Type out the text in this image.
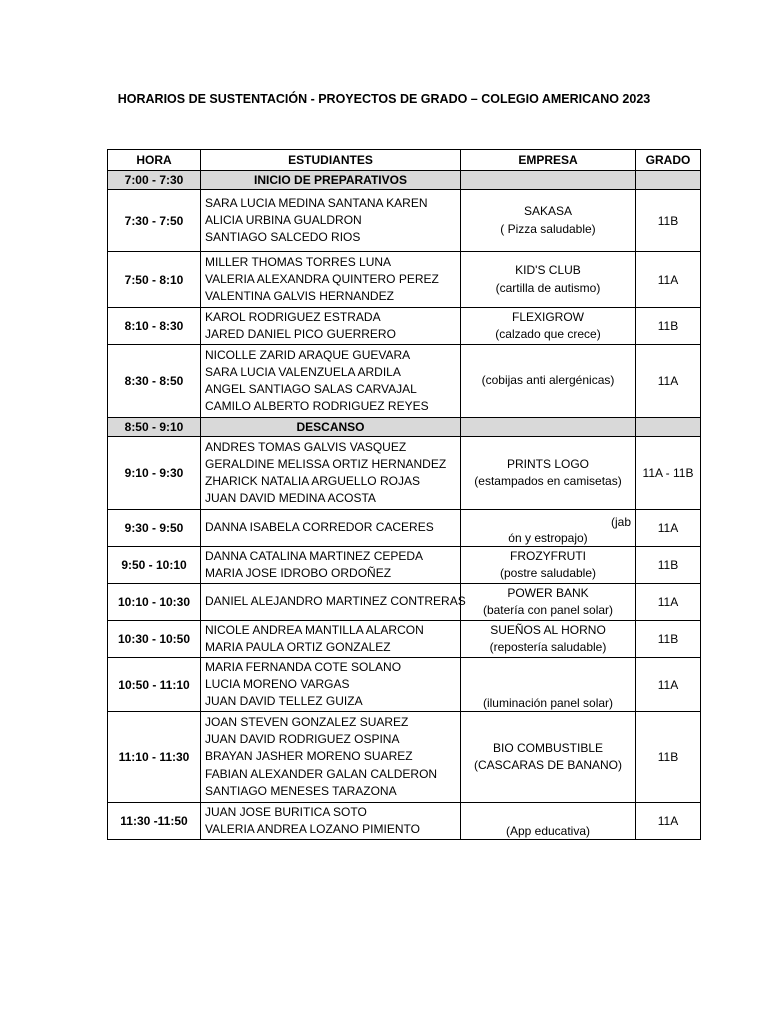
HORARIOS DE SUSTENTACIÓN - PROYECTOS DE GRADO – COLEGIO AMERICANO 2023
HORA	ESTUDIANTES	EMPRESA	GRADO
7:00 - 7:30	INICIO DE PREPARATIVOS		
7:30 - 7:50	SARA LUCIA MEDINA SANTANA KAREN
ALICIA URBINA GUALDRON
SANTIAGO SALCEDO RIOS	SAKASA
( Pizza saludable)	11B
7:50 - 8:10	MILLER THOMAS TORRES LUNA
VALERIA ALEXANDRA QUINTERO PEREZ
VALENTINA GALVIS HERNANDEZ	KID'S CLUB
(cartilla de autismo)	11A
8:10 - 8:30	KAROL RODRIGUEZ ESTRADA
JARED DANIEL PICO GUERRERO	FLEXIGROW
(calzado que crece)	11B
8:30 - 8:50	NICOLLE ZARID ARAQUE GUEVARA
SARA LUCIA VALENZUELA ARDILA
ANGEL SANTIAGO SALAS CARVAJAL
CAMILO ALBERTO RODRIGUEZ REYES	(cobijas anti alergénicas)	11A
8:50 - 9:10	DESCANSO		
9:10 - 9:30	ANDRES TOMAS GALVIS VASQUEZ
GERALDINE MELISSA ORTIZ HERNANDEZ
ZHARICK NATALIA ARGUELLO ROJAS
JUAN DAVID MEDINA ACOSTA	PRINTS LOGO
(estampados en camisetas)	11A - 11B
9:30 - 9:50	DANNA ISABELA CORREDOR CACERES	(jab
ón y estropajo)	11A
9:50 - 10:10	DANNA CATALINA MARTINEZ CEPEDA
MARIA JOSE IDROBO ORDOÑEZ	FROZYFRUTI
(postre saludable)	11B
10:10 - 10:30	DANIEL ALEJANDRO MARTINEZ CONTRERAS	POWER BANK
(batería con panel solar)	11A
10:30 - 10:50	NICOLE ANDREA MANTILLA ALARCON
MARIA PAULA ORTIZ GONZALEZ	SUEÑOS AL HORNO
(repostería saludable)	11B
10:50 - 11:10	MARIA FERNANDA COTE SOLANO
LUCIA MORENO VARGAS
JUAN DAVID TELLEZ GUIZA	(iluminación panel solar)	11A
11:10 - 11:30	JOAN STEVEN GONZALEZ SUAREZ
JUAN DAVID RODRIGUEZ OSPINA
BRAYAN JASHER MORENO SUAREZ
FABIAN ALEXANDER GALAN CALDERON
SANTIAGO MENESES TARAZONA	BIO COMBUSTIBLE
(CASCARAS DE BANANO)	11B
11:30 -11:50	JUAN JOSE BURITICA SOTO
VALERIA ANDREA LOZANO PIMIENTO	(App educativa)	11A
